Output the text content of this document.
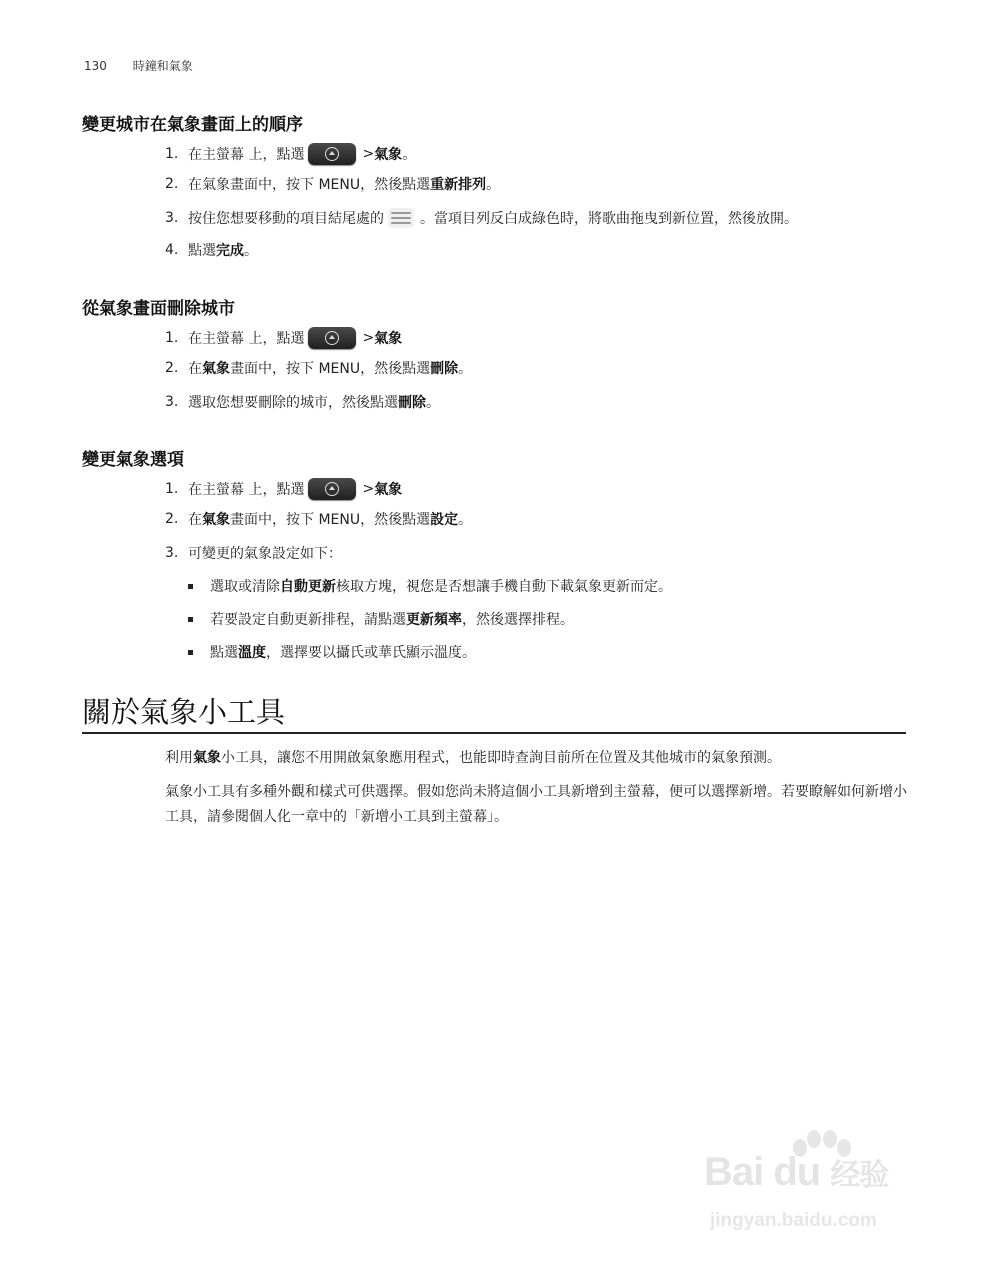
130 時鐘和氣象
變更城市在氣象畫面上的順序
1. 在主螢幕 上，點選	> 氣象 。
2. 在氣象畫面中，按下 MENU，然後點選 重新排列 。
3. 按住您想要移動的項目結尾處的	。當項目列反白成綠色時，將歌曲拖曳到新位置，然後放開。
4. 點選 完成 。
從氣象畫面刪除城市
1. 在主螢幕 上，點選	> 氣象
2. 在 氣象 畫面中，按下 MENU，然後點選 刪除 。
3. 選取您想要刪除的城市，然後點選 刪除 。
變更氣象選項
1. 在主螢幕 上，點選	> 氣象
2. 在 氣象 畫面中，按下 MENU，然後點選 設定 。
3. 可變更的氣象設定如下：
選取或清除 自動更新 核取方塊，視您是否想讓手機自動下載氣象更新而定。
若要設定自動更新排程，請點選 更新頻率 ，然後選擇排程。
點選 溫度 ，選擇要以攝氏或華氏顯示溫度。
關於氣象小工具
利用氣象小工具，讓您不用開啟氣象應用程式，也能即時查詢目前所在位置及其他城市的氣象預測。
氣象小工具有多種外觀和樣式可供選擇。假如您尚未將這個小工具新增到主螢幕，便可以選擇新增。若要瞭解如何新增小工具，請參閱個人化一章中的「新增小工具到主螢幕」。
Bai du 经验
jingyan.baidu.com
